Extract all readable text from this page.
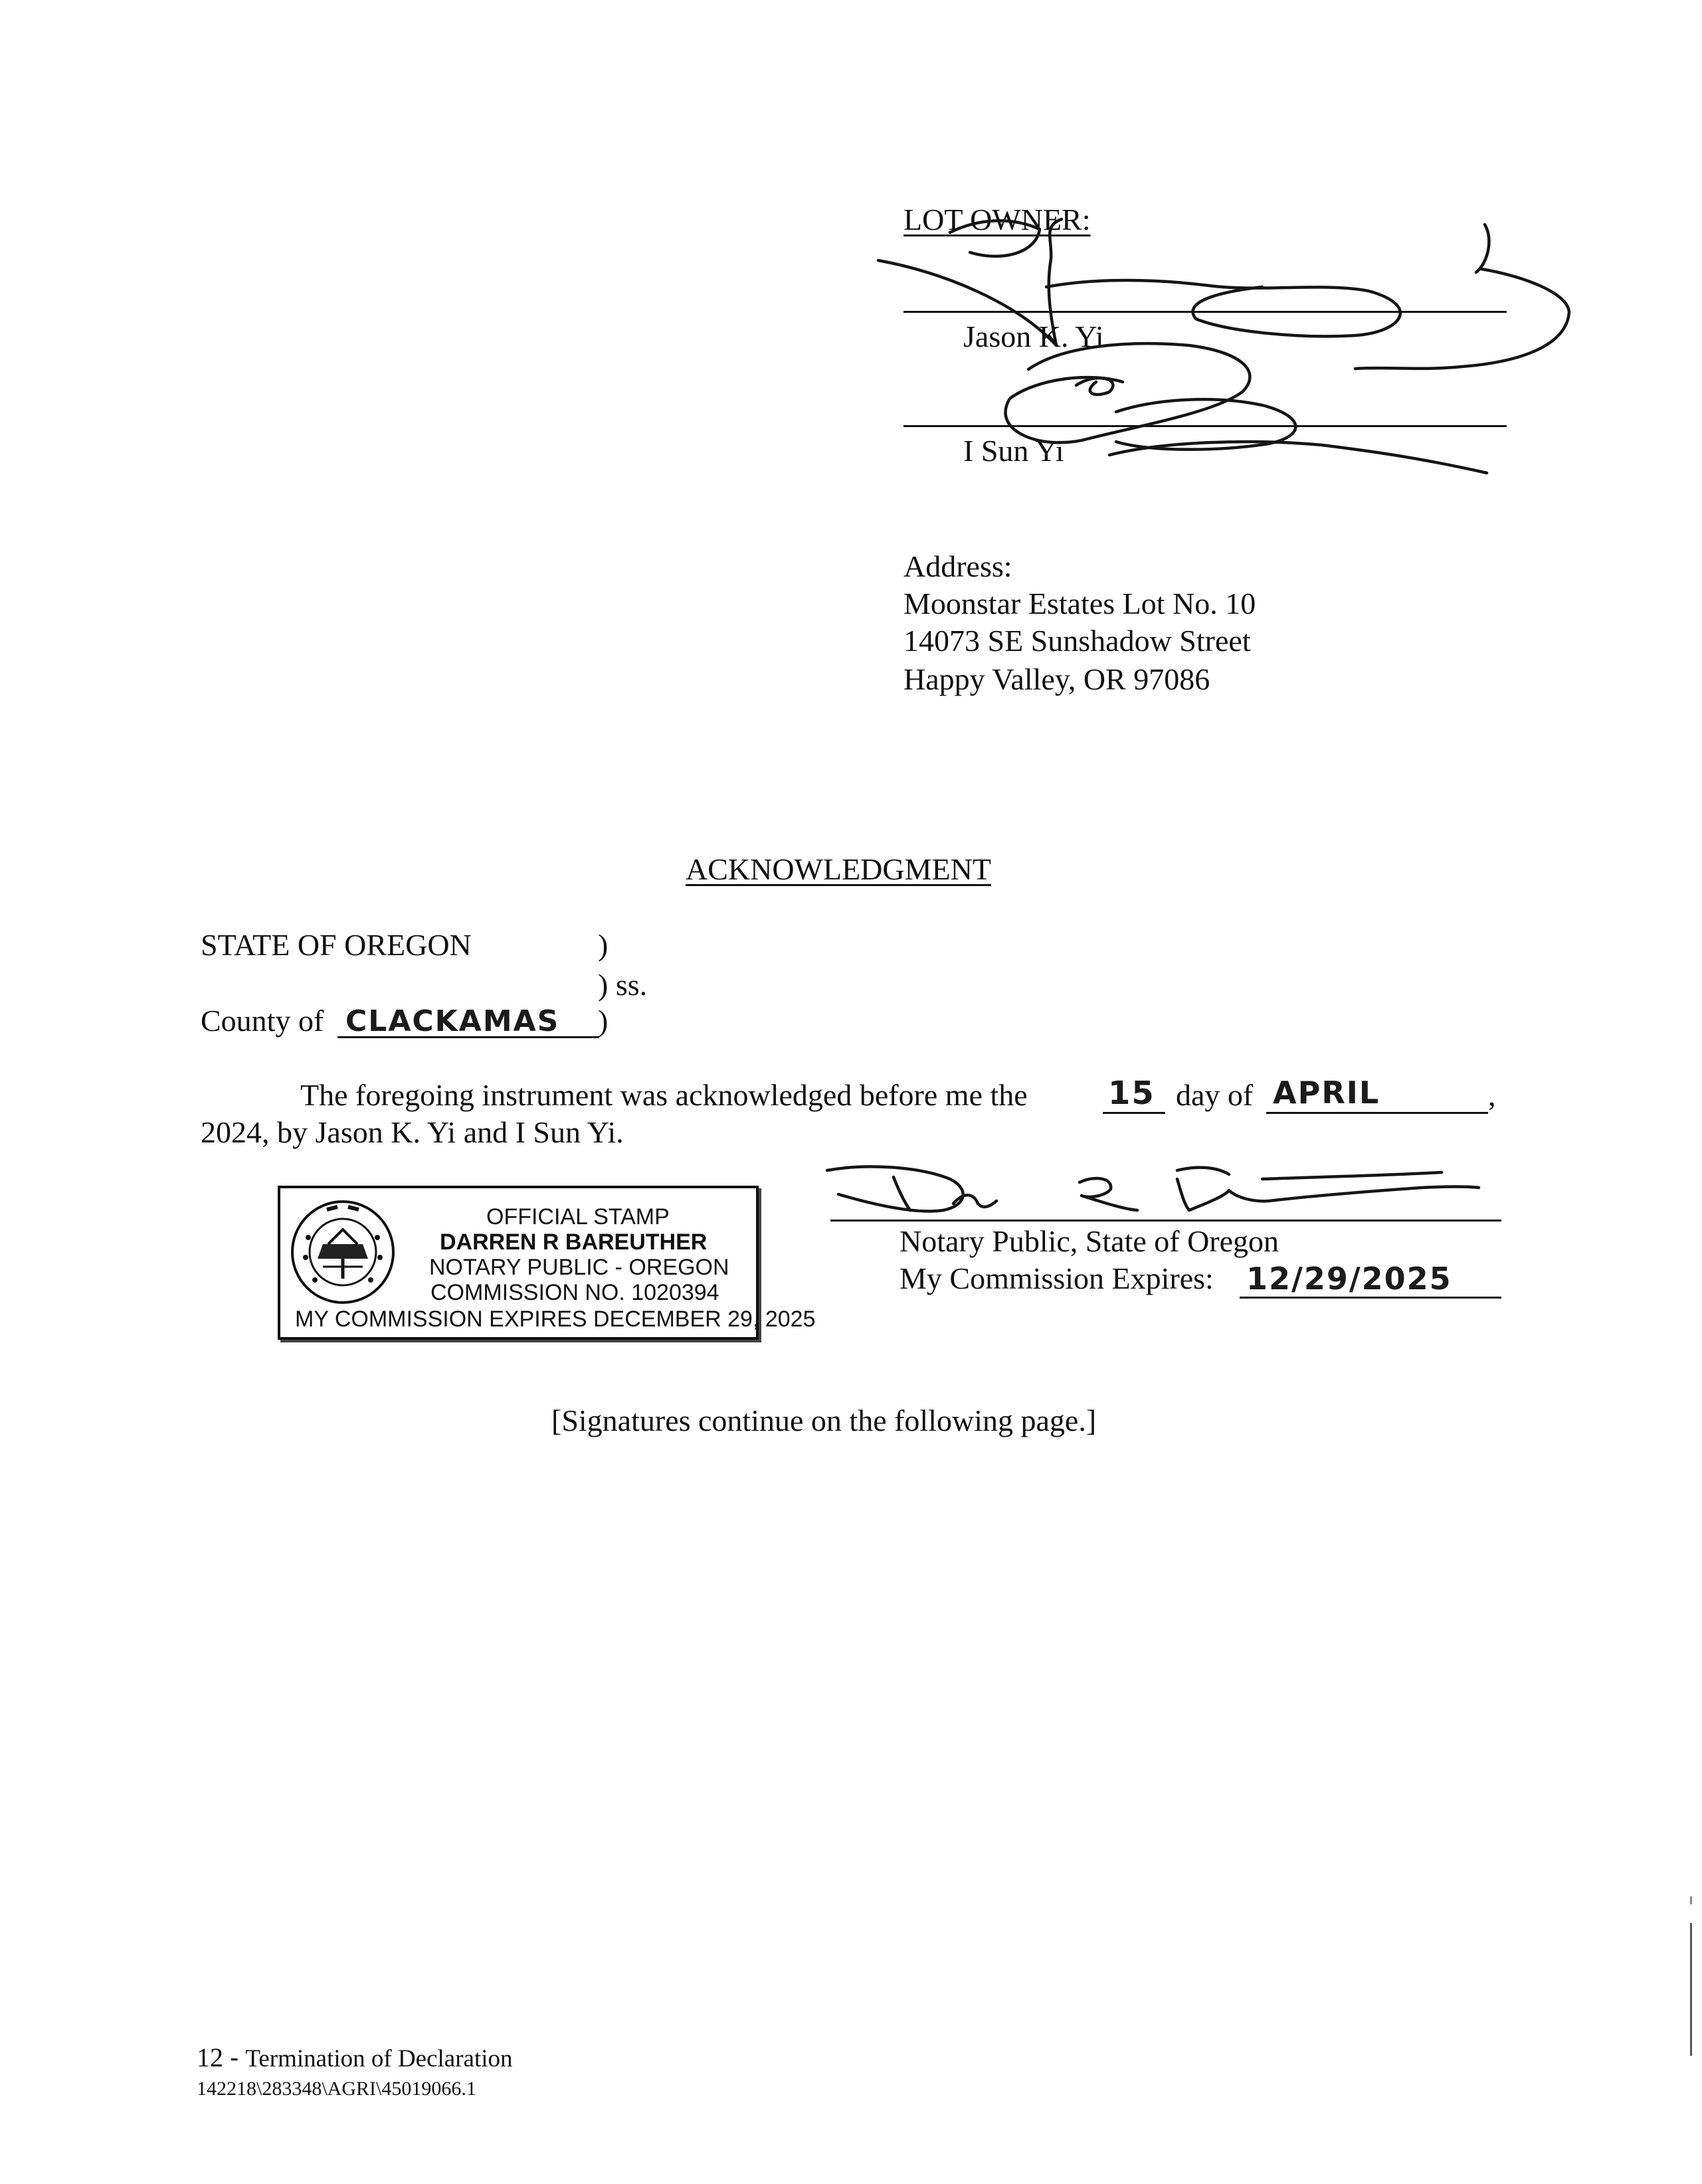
LOT OWNER:
Jason K. Yi
I Sun Yi
Address:
Moonstar Estates Lot No. 10
14073 SE Sunshadow Street
Happy Valley, OR 97086
ACKNOWLEDGMENT
STATE OF OREGON	)
) ss.
County of CLACKAMAS )
The foregoing instrument was acknowledged before me the	15 day of APRIL	,
2024, by Jason K. Yi and I Sun Yi.
Notary Public, State of Oregon
My Commission Expires: 12/29/2025
OFFICIAL STAMP
DARREN R BAREUTHER
NOTARY PUBLIC - OREGON
COMMISSION NO. 1020394
MY COMMISSION EXPIRES DECEMBER 29, 2025
[Signatures continue on the following page.]
12 - Termination of Declaration
142218\283348\AGRI\45019066.1
